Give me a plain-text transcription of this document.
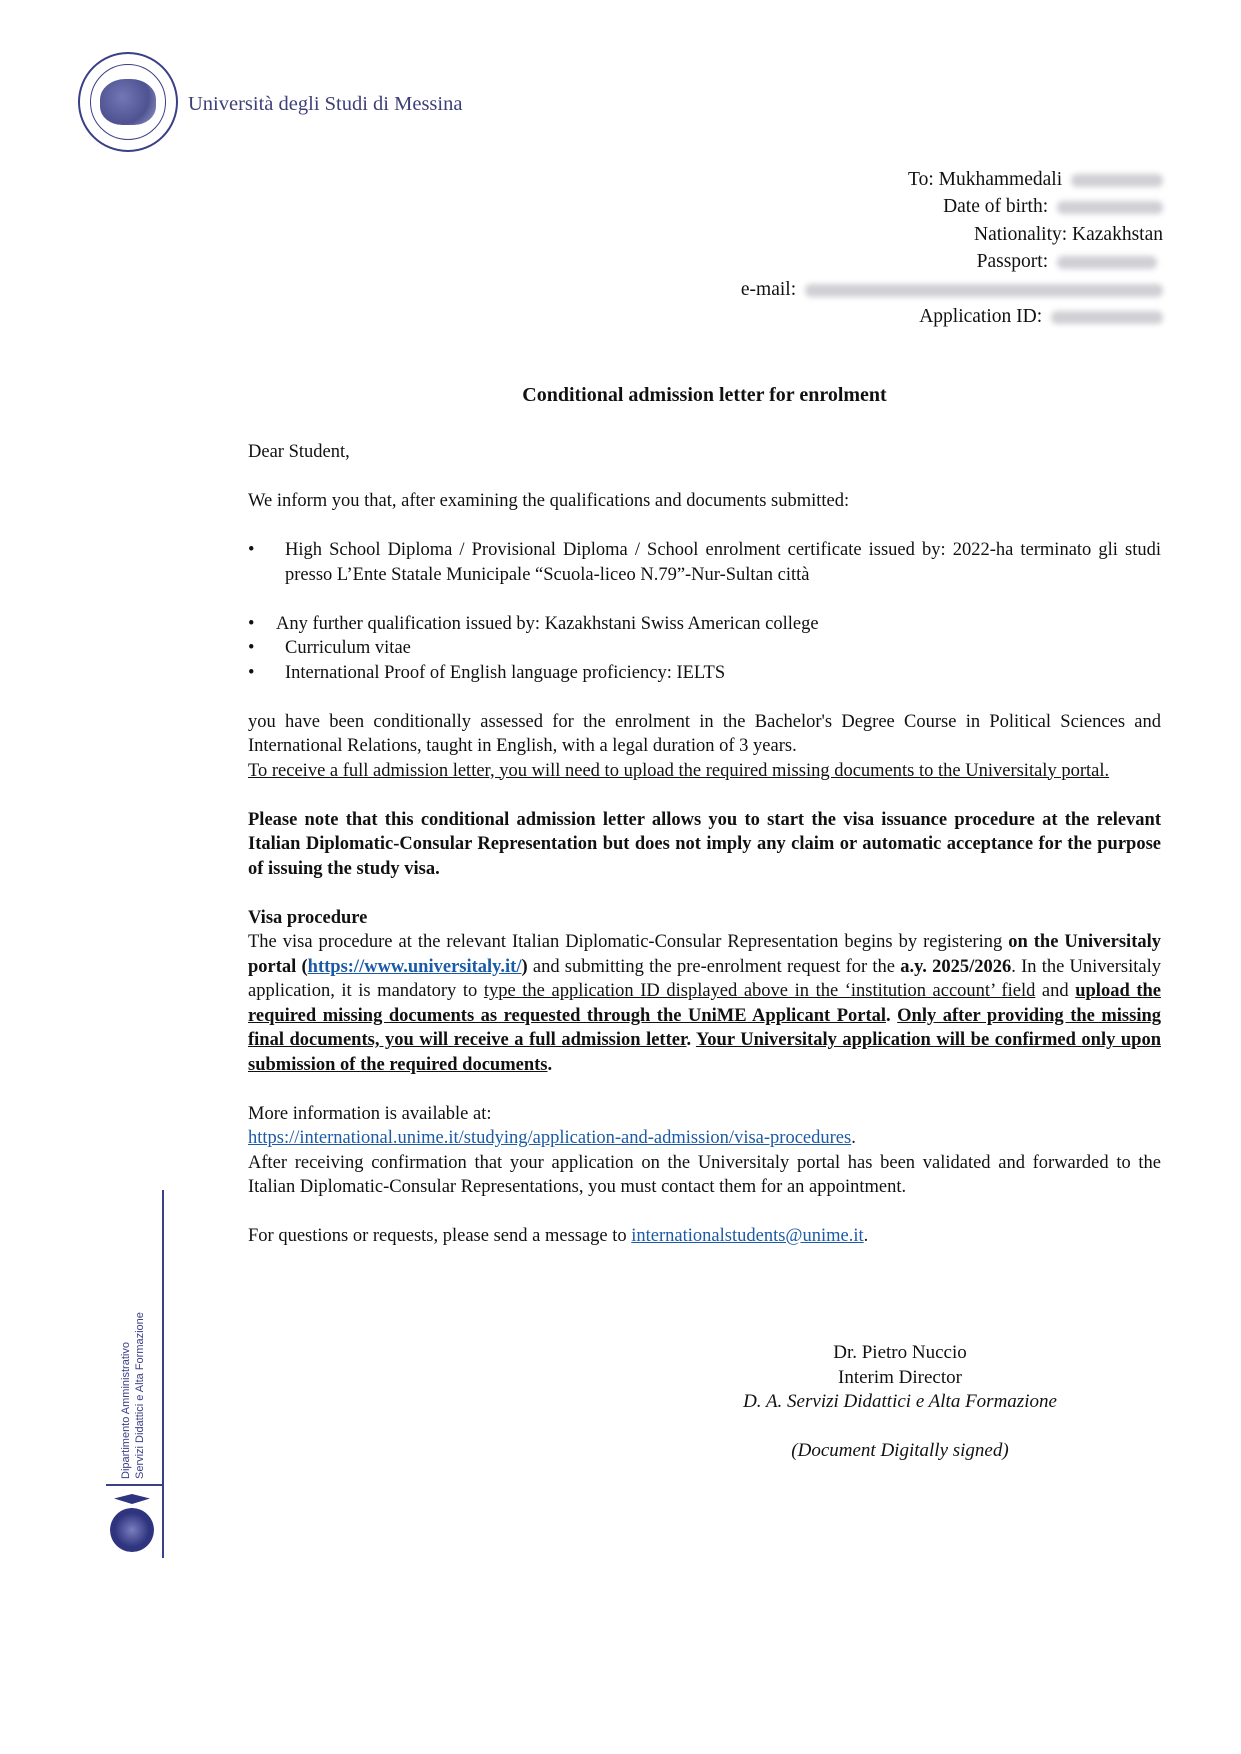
Università degli Studi di Messina
To: Mukhammedali
Date of birth:
Nationality: Kazakhstan
Passport:
e-mail:
Application ID:
Conditional admission letter for enrolment

Dear Student,

We inform you that, after examining the qualifications and documents submitted:

•	High School Diploma / Provisional Diploma / School enrolment certificate issued by: 2022-ha terminato gli studi presso L’Ente Statale Municipale “Scuola-liceo N.79”-Nur-Sultan città
•	Any further qualification issued by: Kazakhstani Swiss American college
•	Curriculum vitae
•	International Proof of English language proficiency: IELTS

you have been conditionally assessed for the enrolment in the Bachelor's Degree Course in Political Sciences and International Relations, taught in English, with a legal duration of 3 years.

To receive a full admission letter, you will need to upload the required missing documents to the Universitaly portal.

Please note that this conditional admission letter allows you to start the visa issuance procedure at the relevant Italian Diplomatic-Consular Representation but does not imply any claim or automatic acceptance for the purpose of issuing the study visa.

Visa procedure

The visa procedure at the relevant Italian Diplomatic-Consular Representation begins by registering on the Universitaly portal (https://www.universitaly.it/) and submitting the pre-enrolment request for the a.y. 2025/2026. In the Universitaly application, it is mandatory to type the application ID displayed above in the ‘institution account’ field and upload the required missing documents as requested through the UniME Applicant Portal. Only after providing the missing final documents, you will receive a full admission letter. Your Universitaly application will be confirmed only upon submission of the required documents.

More information is available at:

https://international.unime.it/studying/application-and-admission/visa-procedures.

After receiving confirmation that your application on the Universitaly portal has been validated and forwarded to the Italian Diplomatic-Consular Representations, you must contact them for an appointment.

For questions or requests, please send a message to internationalstudents@unime.it.

Dr. Pietro Nuccio
Interim Director
D. A. Servizi Didattici e Alta Formazione
(Document Digitally signed)
Dipartimento Amministrativo Servizi Didattici e Alta Formazione
